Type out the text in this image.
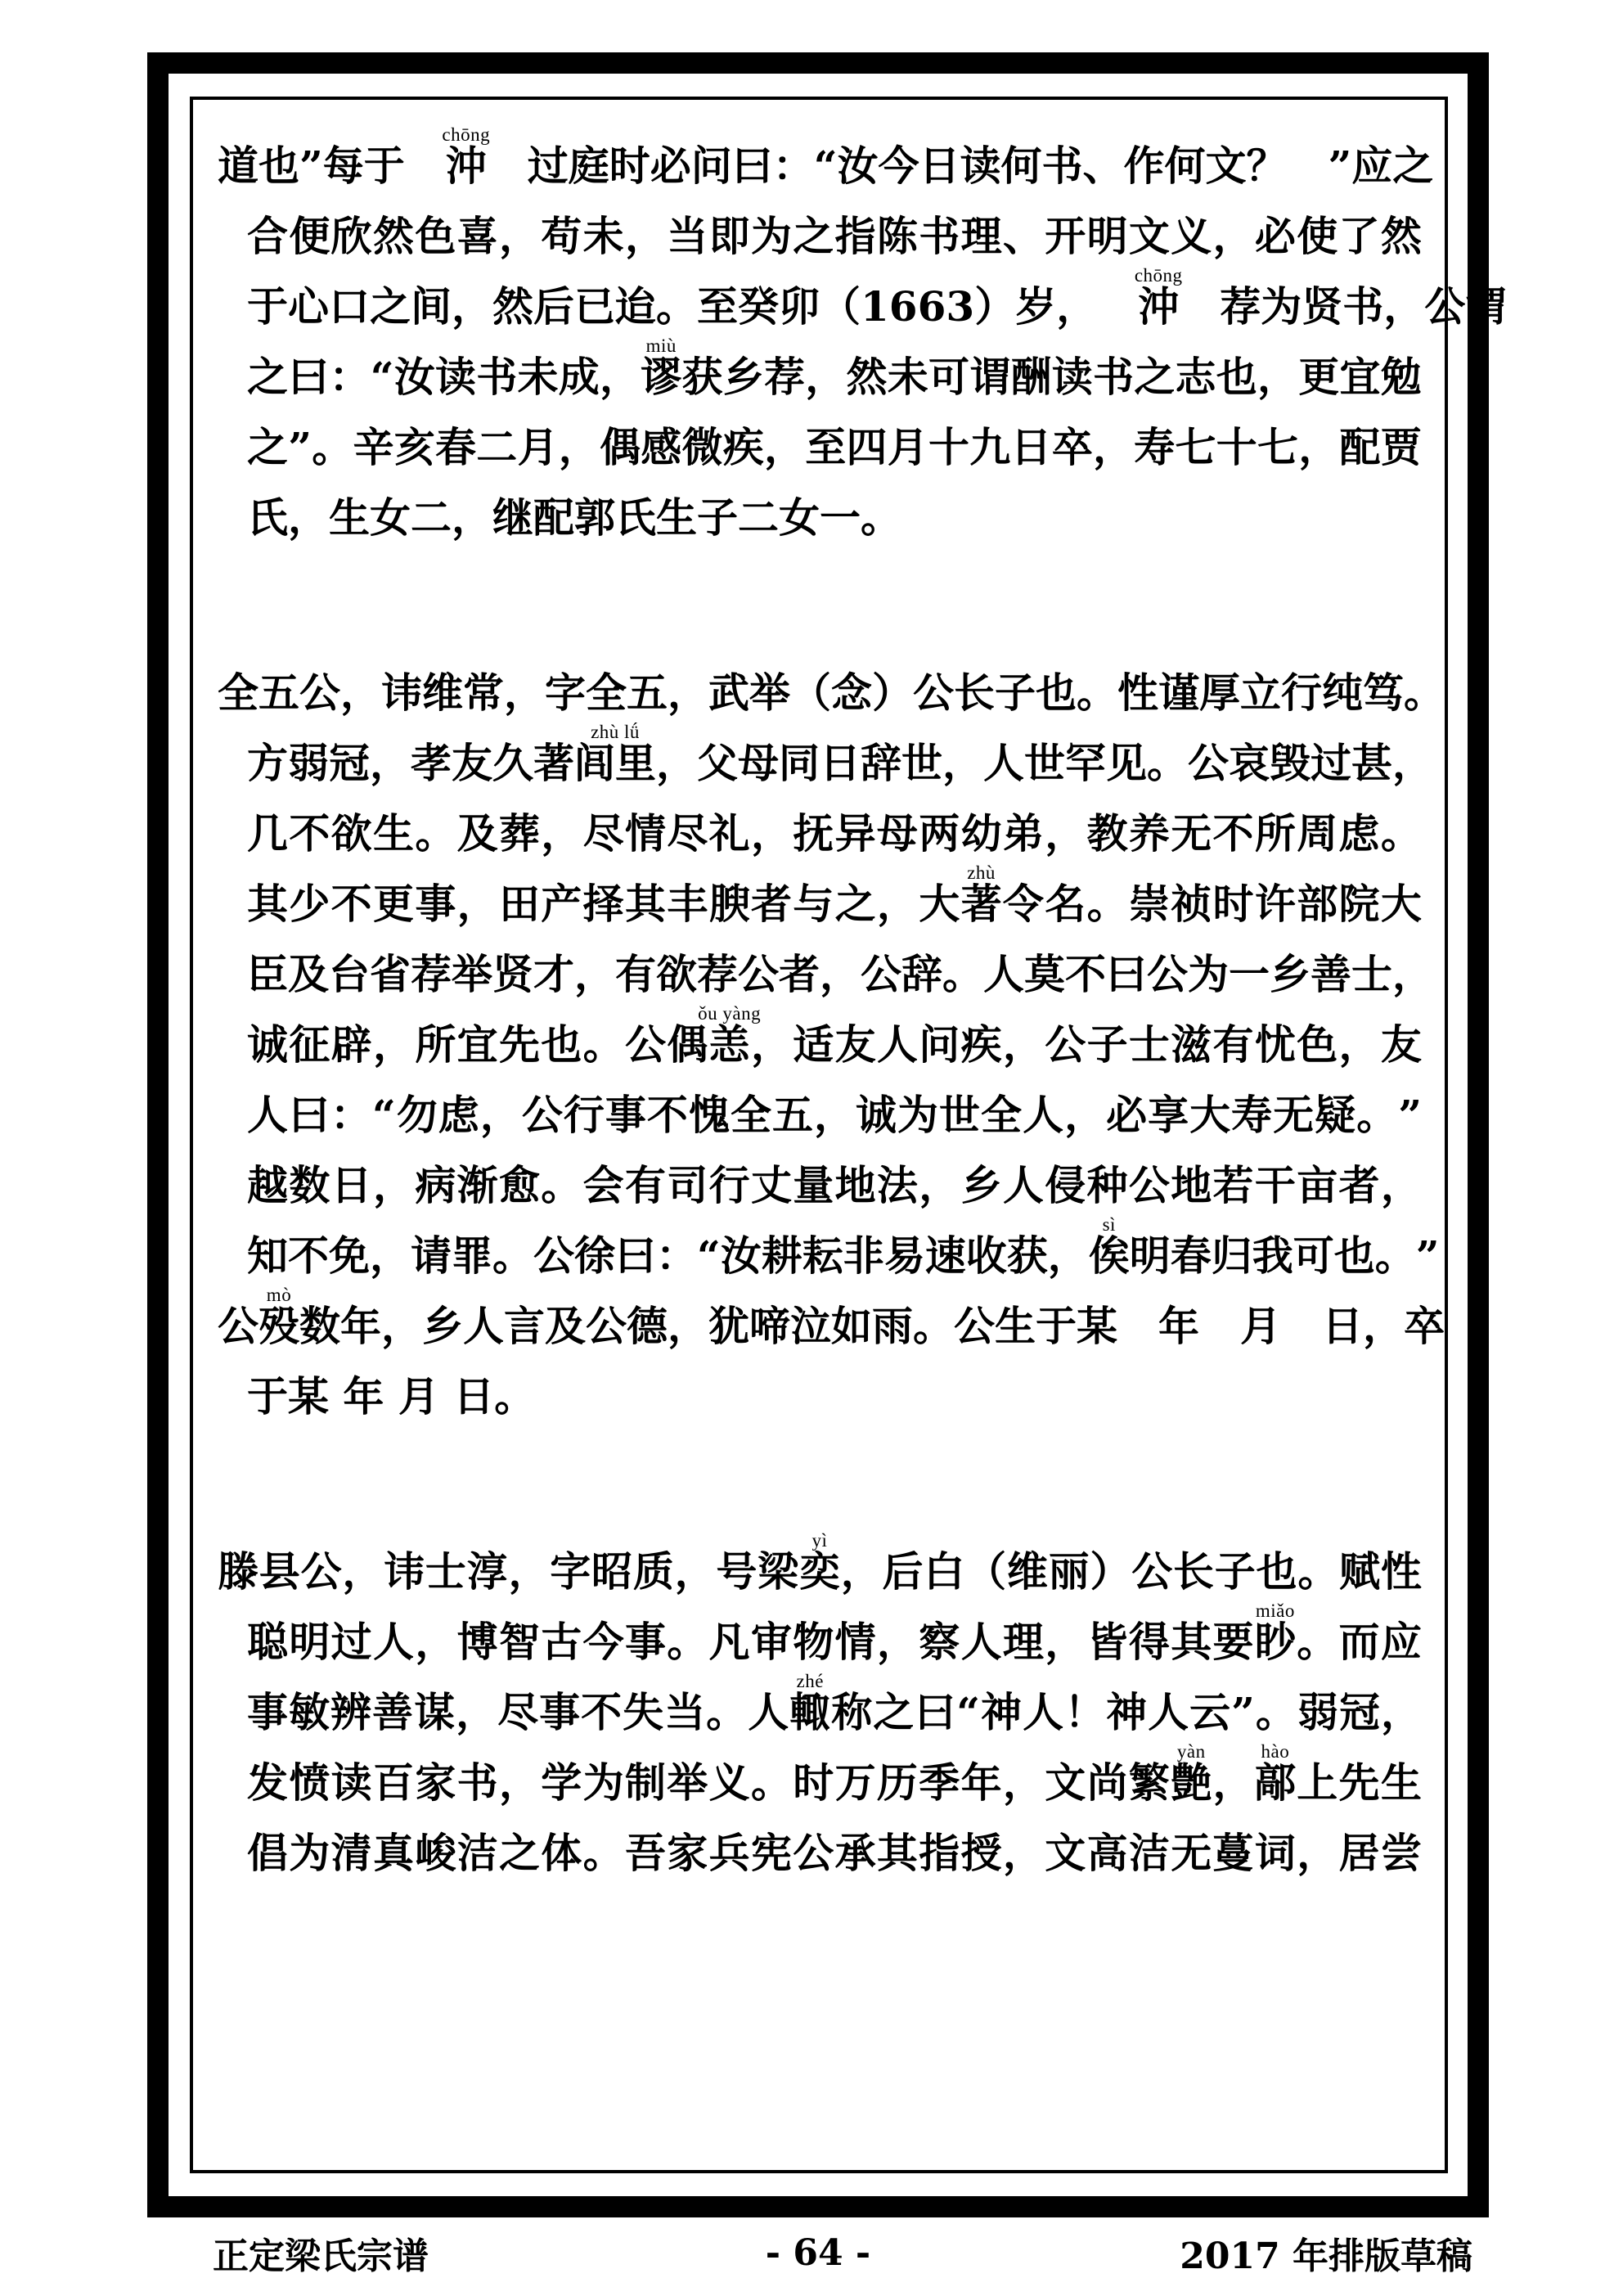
道 也 ” 每 于

chōng
沖
　 过 庭 时 必 问 曰 ： “ 汝 今 日 读 何 书 、 作 何 文 ？
　 ” 应 之
合 便 欣 然 色 喜 ， 苟 未 ， 当 即 为 之 指 陈 书 理 、 开 明 文 义 ， 必 使 了 然
于 心 口 之 间 ， 然 后 已 迨 。 至 癸 卯 （ 1 6 6 3 ） 岁 ，

chōng
沖
　 荐 为 贤 书 ， 公 谓
之 曰 ： “ 汝 读 书 未 成 ，
miù
谬 获 乡 荐 ， 然 未 可 谓 酬 读 书 之 志 也 ， 更 宜 勉
之 ” 。 辛 亥 春 二 月 ， 偶 感 微 疾 ， 至 四 月 十 九 日 卒 ， 寿 七 十 七 ， 配 贾
氏，生女二，继配郭氏生子二女一。
全 五 公 ， 讳 维 常 ， 字 全 五 ， 武 举 （ 念 ） 公 长 子 也 。 性 谨 厚 立 行 纯 笃 。
方 弱 冠 ， 孝 友 久 著
zhù lǘ
闾里 ， 父 母 同 日 辞 世 ， 人 世 罕 见 。 公 哀 毁 过 甚 ，
几 不 欲 生 。 及 葬 ， 尽 情 尽 礼 ， 抚 异 母 两 幼 弟 ， 教 养 无 不 所 周 虑 。
其 少 不 更 事 ， 田 产 择 其 丰 腴 者 与 之 ， 大
zhù
著 令 名 。 崇 祯 时 许 部 院 大
臣 及 台 省 荐 举 贤 才 ， 有 欲 荐 公 者 ， 公 辞 。 人 莫 不 曰 公 为 一 乡 善 士 ，
诚 征 辟 ， 所 宜 先 也 。 公 偶
ǒu yàng
恙 ， 适 友 人 问 疾 ， 公 子 士 滋 有 忧 色 ， 友
人 曰 ： “ 勿 虑 ， 公 行 事 不 愧 全 五 ， 诚 为 世 全 人 ， 必 享 大 寿 无 疑 。 ”
越 数 日 ， 病 渐 愈 。 会 有 司 行 丈 量 地 法 ， 乡 人 侵 种 公 地 若 干 亩 者 ，
知 不 免 ， 请 罪 。 公 徐 曰 ： “ 汝 耕 耘 非 易 速 收 获 ，
sì
俟 明 春 归 我 可 也 。 ”
公
mò
殁 数 年 ， 乡 人 言 及 公 德 ， 犹 啼 泣 如 雨 。 公 生 于 某
　 年
　 月
　 日 ， 卒
于某 年 月 日。
滕 县 公 ， 讳 士 淳 ， 字 昭 质 ， 号 梁
yì
奕 ， 后 白 （ 维 丽 ） 公 长 子 也 。 赋 性
聪 明 过 人 ， 博 智 古 今 事 。 凡 审 物 情 ， 察 人 理 ， 皆 得 其 要
miǎo
眇 。 而 应
事 敏 辨 善 谋 ， 尽 事 不 失 当 。 人
zhé
輙 称 之 曰 “ 神 人 ！ 神 人 云 ” 。 弱 冠 ，
发 愤 读 百 家 书 ， 学 为 制 举 义 。 时 万 历 季 年 ， 文 尚 繁
yàn
艶 ，
hào
鄗 上 先 生
倡 为 清 真 峻 洁 之 体 。 吾 家 兵 宪 公 承 其 指 授 ， 文 高 洁 无 蔓 词 ， 居 尝
正定梁氏宗谱	- 64 -	2017 年排版草稿
